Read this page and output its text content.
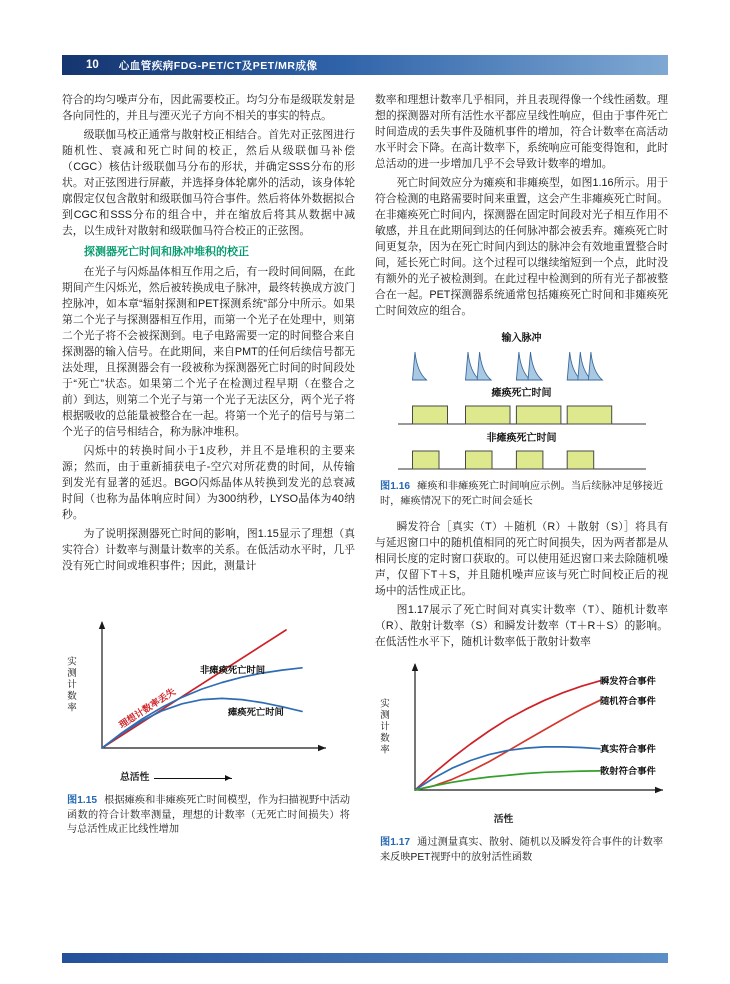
10 心血管疾病FDG-PET/CT及PET/MR成像

符合的均匀噪声分布，因此需要校正。均匀分布是级联发射是各向同性的，并且与湮灭光子方向不相关的事实的特点。

级联伽马校正通常与散射校正相结合。首先对正弦图进行随机性、衰减和死亡时间的校正，然后从级联伽马补偿（CGC）核估计级联伽马分布的形状，并确定SSS分布的形状。对正弦图进行屏蔽，并选择身体轮廓外的活动，该身体轮廓假定仅包含散射和级联伽马符合事件。然后将体外数据拟合到CGC和SSS分布的组合中，并在缩放后将其从数据中减去，以生成针对散射和级联伽马符合校正的正弦图。

探测器死亡时间和脉冲堆积的校正

在光子与闪烁晶体相互作用之后，有一段时间间隔，在此期间产生闪烁光，然后被转换成电子脉冲，最终转换成方波门控脉冲，如本章“辐射探测和PET探测系统”部分中所示。如果第二个光子与探测器相互作用，而第一个光子在处理中，则第二个光子将不会被探测到。电子电路需要一定的时间整合来自探测器的输入信号。在此期间，来自PMT的任何后续信号都无法处理，且探测器会有一段被称为探测器死亡时间的时间段处于“死亡”状态。如果第二个光子在检测过程早期（在整合之前）到达，则第二个光子与第一个光子无法区分，两个光子将根据吸收的总能量被整合在一起。将第一个光子的信号与第二个光子的信号相结合，称为脉冲堆积。

闪烁中的转换时间小于1皮秒，并且不是堆积的主要来源；然而，由于重新捕获电子-空穴对所花费的时间，从传输到发光有显著的延迟。BGO闪烁晶体从转换到发光的总衰减时间（也称为晶体响应时间）为300纳秒，LYSO晶体为40纳秒。

为了说明探测器死亡时间的影响，图1.15显示了理想（真实符合）计数率与测量计数率的关系。在低活动水平时，几乎没有死亡时间或堆积事件；因此，测量计

实测计数率	理想计数率丢失
非瘫痪死亡时间
瘫痪死亡时间
总活性
图1.15 根据瘫痪和非瘫痪死亡时间模型，作为扫描视野中活动函数的符合计数率测量，理想的计数率（无死亡时间损失）将与总活性成正比线性增加

数率和理想计数率几乎相同，并且表现得像一个线性函数。理想的探测器对所有活性水平都应呈线性响应，但由于事件死亡时间造成的丢失事件及随机事件的增加，符合计数率在高活动水平时会下降。在高计数率下，系统响应可能变得饱和，此时总活动的进一步增加几乎不会导致计数率的增加。

死亡时间效应分为瘫痪和非瘫痪型，如图1.16所示。用于符合检测的电路需要时间来重置，这会产生非瘫痪死亡时间。在非瘫痪死亡时间内，探测器在固定时间段对光子相互作用不敏感，并且在此期间到达的任何脉冲都会被丢弃。瘫痪死亡时间更复杂，因为在死亡时间内到达的脉冲会有效地重置整合时间，延长死亡时间。这个过程可以继续缩短到一个点，此时没有额外的光子被检测到。在此过程中检测到的所有光子都被整合在一起。PET探测器系统通常包括瘫痪死亡时间和非瘫痪死亡时间效应的组合。

输入脉冲
瘫痪死亡时间
非瘫痪死亡时间
图1.16 瘫痪和非瘫痪死亡时间响应示例。当后续脉冲足够接近时，瘫痪情况下的死亡时间会延长

瞬发符合［真实（T）＋随机（R）＋散射（S）］将具有与延迟窗口中的随机值相同的死亡时间损失，因为两者都是从相同长度的定时窗口获取的。可以使用延迟窗口来去除随机噪声，仅留下T＋S，并且随机噪声应该与死亡时间校正后的视场中的活性成正比。

图1.17展示了死亡时间对真实计数率（T）、随机计数率（R）、散射计数率（S）和瞬发计数率（T＋R＋S）的影响。在低活性水平下，随机计数率低于散射计数率

实测计数率
瞬发符合事件
随机符合事件
真实符合事件
散射符合事件
活性
图1.17 通过测量真实、散射、随机以及瞬发符合事件的计数率来反映PET视野中的放射活性函数
